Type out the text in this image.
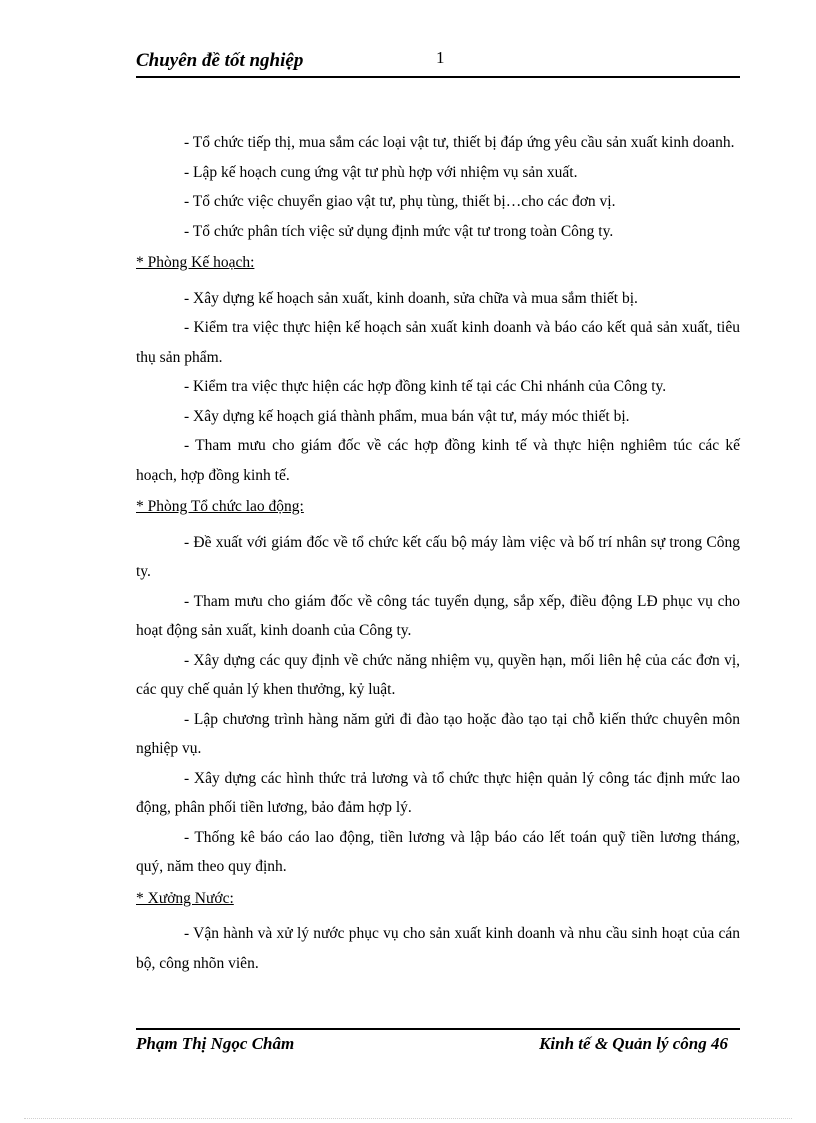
Chuyên đề tốt nghiệp	1

- Tổ chức tiếp thị, mua sắm các loại vật tư, thiết bị đáp ứng yêu cầu sản xuất kinh doanh.

- Lập kế hoạch cung ứng vật tư phù hợp với nhiệm vụ sản xuất.

- Tổ chức việc chuyển giao vật tư, phụ tùng, thiết bị…cho các đơn vị.

- Tổ chức phân tích việc sử dụng định mức vật tư trong toàn Công ty.

* Phòng Kế hoạch:

- Xây dựng kế hoạch sản xuất, kinh doanh, sửa chữa và mua sắm thiết bị.

- Kiểm tra việc thực hiện kế hoạch sản xuất kinh doanh và báo cáo kết quả sản xuất, tiêu thụ sản phẩm.

- Kiểm tra việc thực hiện các hợp đồng kinh tế tại các Chi nhánh của Công ty.

- Xây dựng kế hoạch giá thành phẩm, mua bán vật tư, máy móc thiết bị.

- Tham mưu cho giám đốc về các hợp đồng kinh tế và thực hiện nghiêm túc các kế hoạch, hợp đồng kinh tế.

* Phòng Tổ chức lao động:

- Đề xuất với giám đốc về tổ chức kết cấu bộ máy làm việc và bố trí nhân sự trong Công ty.

- Tham mưu cho giám đốc về công tác tuyển dụng, sắp xếp, điều động LĐ phục vụ cho hoạt động sản xuất, kinh doanh của Công ty.

- Xây dựng các quy định về chức năng nhiệm vụ, quyền hạn, mối liên hệ của các đơn vị, các quy chế quản lý khen thưởng, kỷ luật.

- Lập chương trình hàng năm gửi đi đào tạo hoặc đào tạo tại chỗ kiến thức chuyên môn nghiệp vụ.

- Xây dựng các hình thức trả lương và tổ chức thực hiện quản lý công tác định mức lao động, phân phối tiền lương, bảo đảm hợp lý.

- Thống kê báo cáo lao động, tiền lương và lập báo cáo lết toán quỹ tiền lương tháng, quý, năm theo quy định.

* Xưởng Nước:

- Vận hành và xử lý nước phục vụ cho sản xuất kinh doanh và nhu cầu sinh hoạt của cán bộ, công nhõn viên.

Phạm Thị Ngọc Châm	Kinh tế & Quản lý công 46
